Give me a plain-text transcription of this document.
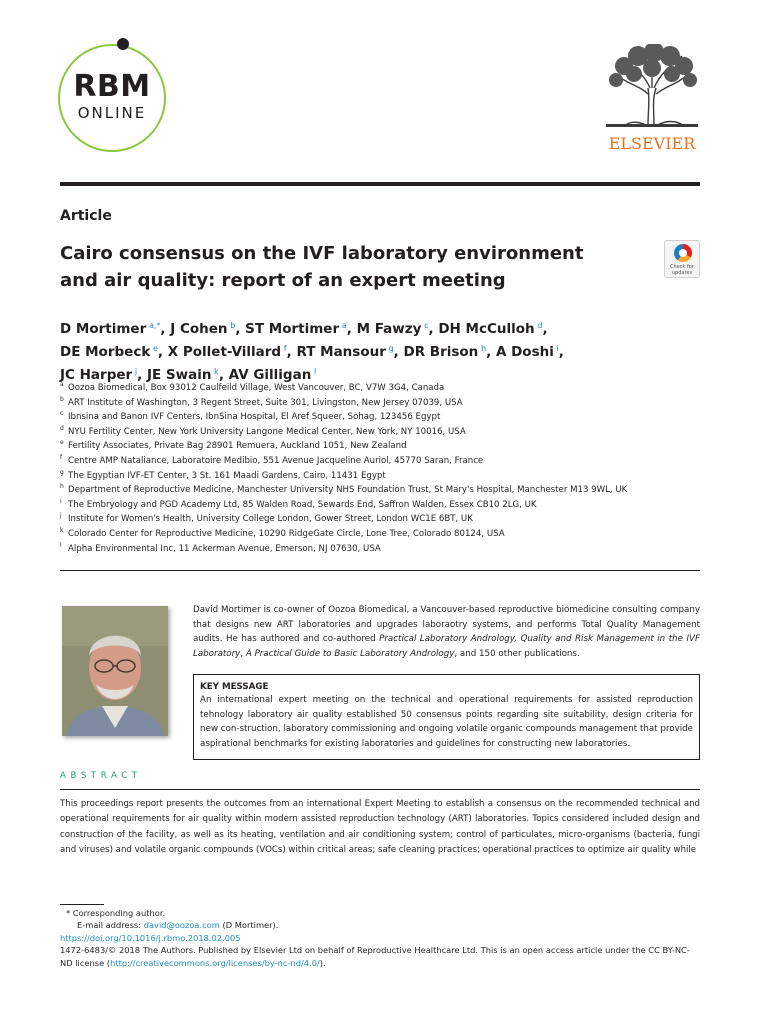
RBM
ONLINE
ELSEVIER
Article
Cairo consensus on the IVF laboratory environment
and air quality: report of an expert meeting
Check for
updates
D Mortimer  $^{a,*}$, J Cohen  $^b$, ST Mortimer  $^a$, M Fawzy  $^c$, DH McCulloh  $^d$,
DE Morbeck  $^e$, X Pollet-Villard  $^f$, RT Mansour  $^g$, DR Brison  $^h$, A Doshi  $^i$,
JC Harper  $^j$, JE Swain  $^k$, AV Gilligan  $^l$
a Oozoa Biomedical, Box 93012 Caulfeild Village, West Vancouver, BC, V7W 3G4, Canada
b ART Institute of Washington, 3 Regent Street, Suite 301, Livingston, New Jersey 07039, USA
c Ibnsina and Banon IVF Centers, IbnSina Hospital, El Aref Squeer, Sohag, 123456 Egypt
d NYU Fertility Center, New York University Langone Medical Center, New York, NY 10016, USA
e Fertility Associates, Private Bag 28901 Remuera, Auckland 1051, New Zealand
f Centre AMP Nataliance, Laboratoire Medibio, 551 Avenue Jacqueline Auriol, 45770 Saran, France
g The Egyptian IVF-ET Center, 3 St. 161 Maadi Gardens, Cairo, 11431 Egypt
h Department of Reproductive Medicine, Manchester University NHS Foundation Trust, St Mary's Hospital, Manchester M13 9WL, UK
i The Embryology and PGD Academy Ltd, 85 Walden Road, Sewards End, Saffron Walden, Essex CB10 2LG, UK
j Institute for Women's Health, University College London, Gower Street, London WC1E 6BT, UK
k Colorado Center for Reproductive Medicine, 10290 RidgeGate Circle, Lone Tree, Colorado 80124, USA
l Alpha Environmental Inc, 11 Ackerman Avenue, Emerson, NJ 07630, USA
David Mortimer is co-owner of Oozoa Biomedical, a Vancouver-based reproductive biomedicine consulting company that designs new ART laboratories and upgrades laboraotry systems, and performs Total Quality Management audits. He has authored and co-authored Practical Laboratory Andrology, Quality and Risk Management in the IVF Laboratory, A Practical Guide to Basic Laboratory Andrology, and 150 other publications.
KEY MESSAGE
An international expert meeting on the technical and operational requirements for assisted reproduction tehnology laboratory air quality established 50 consensus points regarding site suitability, design criteria for new con-struction, laboratory commissioning and ongoing volatile organic compounds management that provide aspirational benchmarks for existing laboratories and guidelines for constructing new laboratories.
ABSTRACT
This proceedings report presents the outcomes from an international Expert Meeting to establish a consensus on the recommended technical and operational requirements for air quality within modern assisted reproduction technology (ART) laboratories. Topics considered included design and construction of the facility, as well as its heating, ventilation and air conditioning system; control of particulates, micro-organisms (bacteria, fungi and viruses) and volatile organic compounds (VOCs) within critical areas; safe cleaning practices; operational practices to optimize air quality while
* Corresponding author.
E-mail address: david@oozoa.com (D Mortimer).
https://doi.org/10.1016/j.rbmo.2018.02.005
1472-6483/© 2018 The Authors. Published by Elsevier Ltd on behalf of Reproductive Healthcare Ltd. This is an open access article under the CC BY-NC-ND license (http://creativecommons.org/licenses/by-nc-nd/4.0/).
